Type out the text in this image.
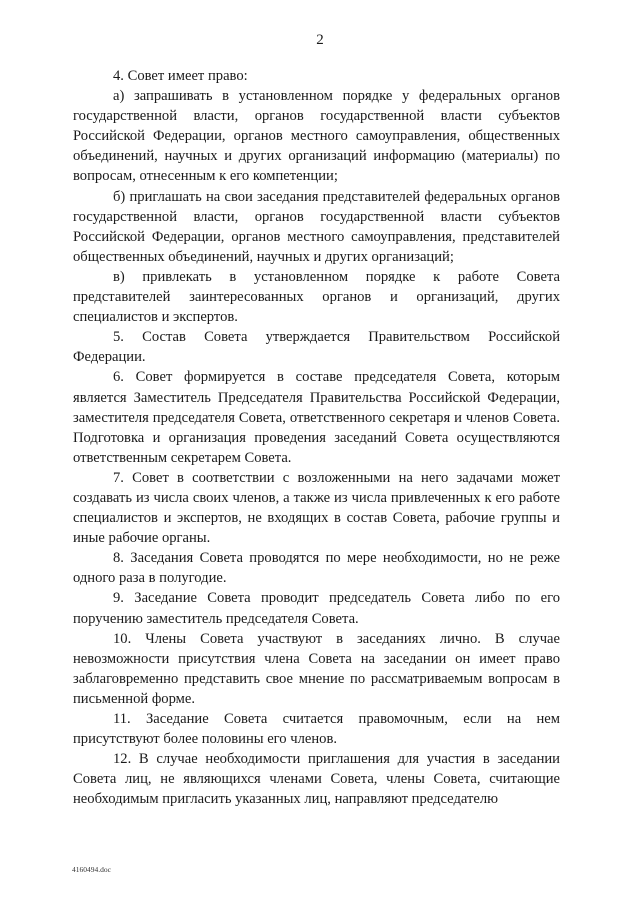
2

4. Совет имеет право:

а) запрашивать в установленном порядке у федеральных органов государственной власти, органов государственной власти субъектов Российской Федерации, органов местного самоуправления, общественных объединений, научных и других организаций информацию (материалы) по вопросам, отнесенным к его компетенции;

б) приглашать на свои заседания представителей федеральных органов государственной власти, органов государственной власти субъектов Российской Федерации, органов местного самоуправления, представителей общественных объединений, научных и других организаций;

в) привлекать в установленном порядке к работе Совета представителей заинтересованных органов и организаций, других специалистов и экспертов.

5. Состав Совета утверждается Правительством Российской Федерации.

6. Совет формируется в составе председателя Совета, которым является Заместитель Председателя Правительства Российской Федерации, заместителя председателя Совета, ответственного секретаря и членов Совета. Подготовка и организация проведения заседаний Совета осуществляются ответственным секретарем Совета.

7. Совет в соответствии с возложенными на него задачами может создавать из числа своих членов, а также из числа привлеченных к его работе специалистов и экспертов, не входящих в состав Совета, рабочие группы и иные рабочие органы.

8. Заседания Совета проводятся по мере необходимости, но не реже одного раза в полугодие.

9. Заседание Совета проводит председатель Совета либо по его поручению заместитель председателя Совета.

10. Члены Совета участвуют в заседаниях лично. В случае невозможности присутствия члена Совета на заседании он имеет право заблаговременно представить свое мнение по рассматриваемым вопросам в письменной форме.

11. Заседание Совета считается правомочным, если на нем присутствуют более половины его членов.

12. В случае необходимости приглашения для участия в заседании Совета лиц, не являющихся членами Совета, члены Совета, считающие необходимым пригласить указанных лиц, направляют председателю

4160494.doc
